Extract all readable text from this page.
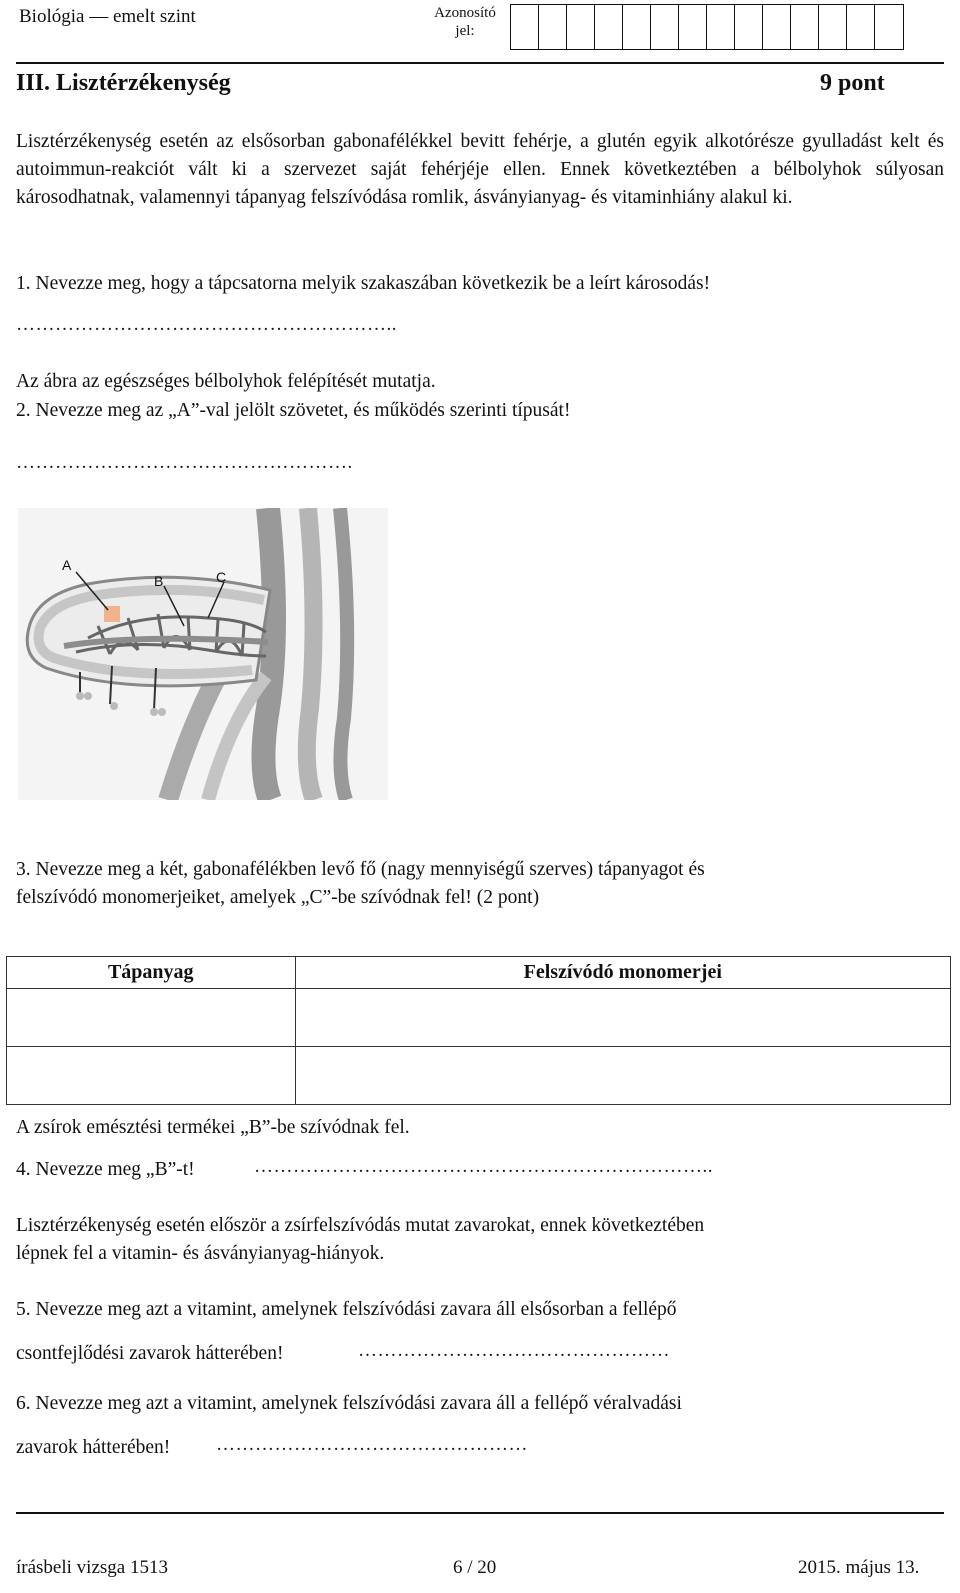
Biológia — emelt szint	Azonosító
jel:
III. Lisztérzékenység	9 pont
Lisztérzékenység esetén az elsősorban gabonafélékkel bevitt fehérje, a glutén egyik alkotórésze gyulladást kelt és autoimmun-reakciót vált ki a szervezet saját fehérjéje ellen. Ennek következtében a bélbolyhok súlyosan károsodhatnak, valamennyi tápanyag felszívódása romlik, ásványianyag- és vitaminhiány alakul ki.
1. Nevezze meg, hogy a tápcsatorna melyik szakaszában következik be a leírt károsodás!
…………………………………………………..
Az ábra az egészséges bélbolyhok felépítését mutatja.
2. Nevezze meg az „A”-val jelölt szövetet, és működés szerinti típusát!
…………………………………………….
A
B	C
3. Nevezze meg a két, gabonafélékben levő fő (nagy mennyiségű szerves) tápanyagot és
felszívódó monomerjeiket, amelyek „C”-be szívódnak fel! (2 pont)
Tápanyag	Felszívódó monomerjei

A zsírok emésztési termékei „B”-be szívódnak fel.
4. Nevezze meg „B”-t!	……………………………………………………………..
Lisztérzékenység esetén először a zsírfelszívódás mutat zavarokat, ennek következtében
lépnek fel a vitamin- és ásványianyag-hiányok.
5. Nevezze meg azt a vitamint, amelynek felszívódási zavara áll elsősorban a fellépő
csontfejlődési zavarok hátterében!	…………………………………………
6. Nevezze meg azt a vitamint, amelynek felszívódási zavara áll a fellépő véralvadási
zavarok hátterében! …………………………………………
írásbeli vizsga 1513	6 / 20	2015. május 13.
